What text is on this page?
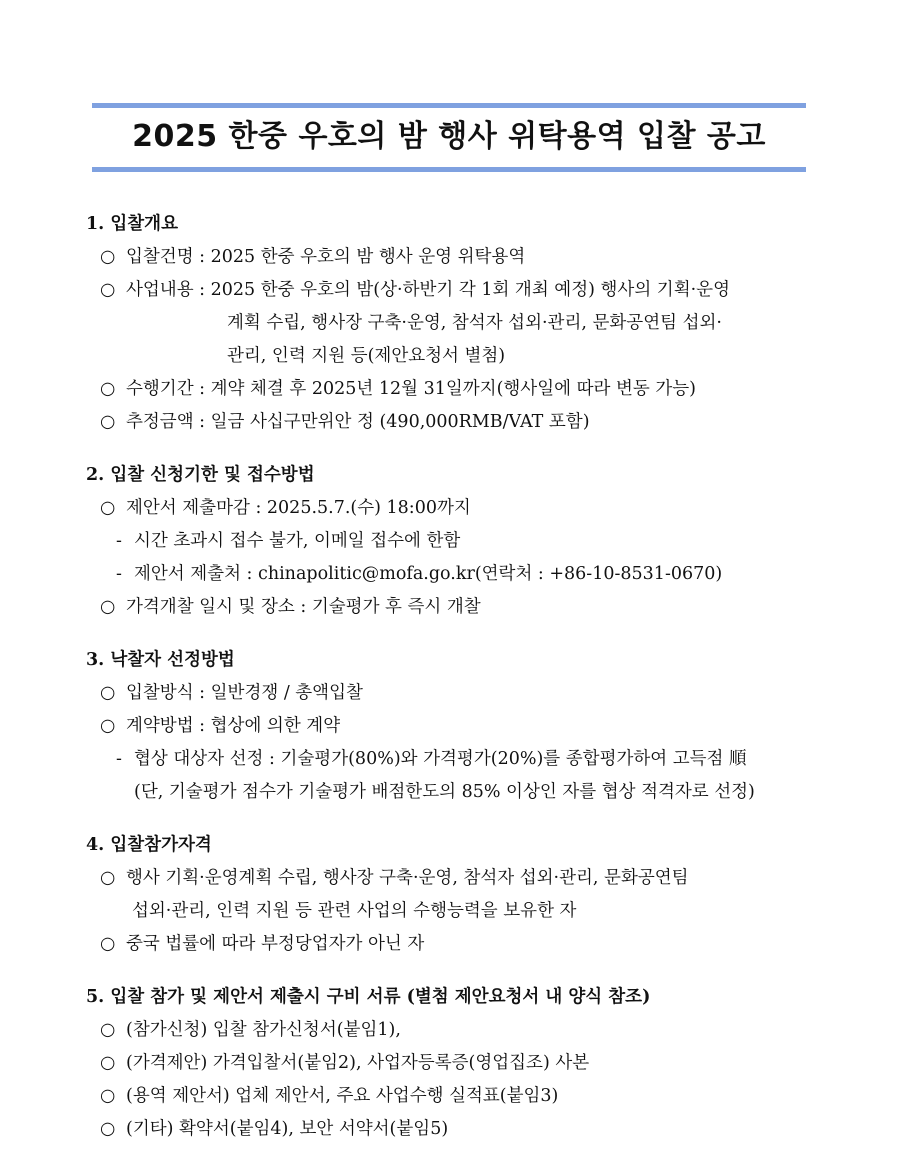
2025 한중 우호의 밤 행사 위탁용역 입찰 공고
1. 입찰개요
○ 입찰건명 : 2025 한중 우호의 밤 행사 운영 위탁용역
○ 사업내용 : 2025 한중 우호의 밤(상·하반기 각 1회 개최 예정) 행사의 기획·운영
계획 수립, 행사장 구축·운영, 참석자 섭외·관리, 문화공연팀 섭외·
관리, 인력 지원 등(제안요청서 별첨)
○ 수행기간 : 계약 체결 후 2025년 12월 31일까지(행사일에 따라 변동 가능)
○ 추정금액 : 일금 사십구만위안 정 (490,000RMB/VAT 포함)
2. 입찰 신청기한 및 접수방법
○ 제안서 제출마감 : 2025.5.7.(수) 18:00까지
- 시간 초과시 접수 불가, 이메일 접수에 한함
- 제안서 제출처 : chinapolitic@mofa.go.kr(연락처 : +86-10-8531-0670)
○ 가격개찰 일시 및 장소 : 기술평가 후 즉시 개찰
3. 낙찰자 선정방법
○ 입찰방식 : 일반경쟁 / 총액입찰
○ 계약방법 : 협상에 의한 계약
- 협상 대상자 선정 : 기술평가(80%)와 가격평가(20%)를 종합평가하여 고득점 順
(단, 기술평가 점수가 기술평가 배점한도의 85% 이상인 자를 협상 적격자로 선정)
4. 입찰참가자격
○ 행사 기획·운영계획 수립, 행사장 구축·운영, 참석자 섭외·관리, 문화공연팀
섭외·관리, 인력 지원 등 관련 사업의 수행능력을 보유한 자
○ 중국 법률에 따라 부정당업자가 아닌 자
5. 입찰 참가 및 제안서 제출시 구비 서류 (별첨 제안요청서 내 양식 참조)
○ (참가신청) 입찰 참가신청서(붙임1),
○ (가격제안) 가격입찰서(붙임2), 사업자등록증(영업집조) 사본
○ (용역 제안서) 업체 제안서, 주요 사업수행 실적표(붙임3)
○ (기타) 확약서(붙임4), 보안 서약서(붙임5)
